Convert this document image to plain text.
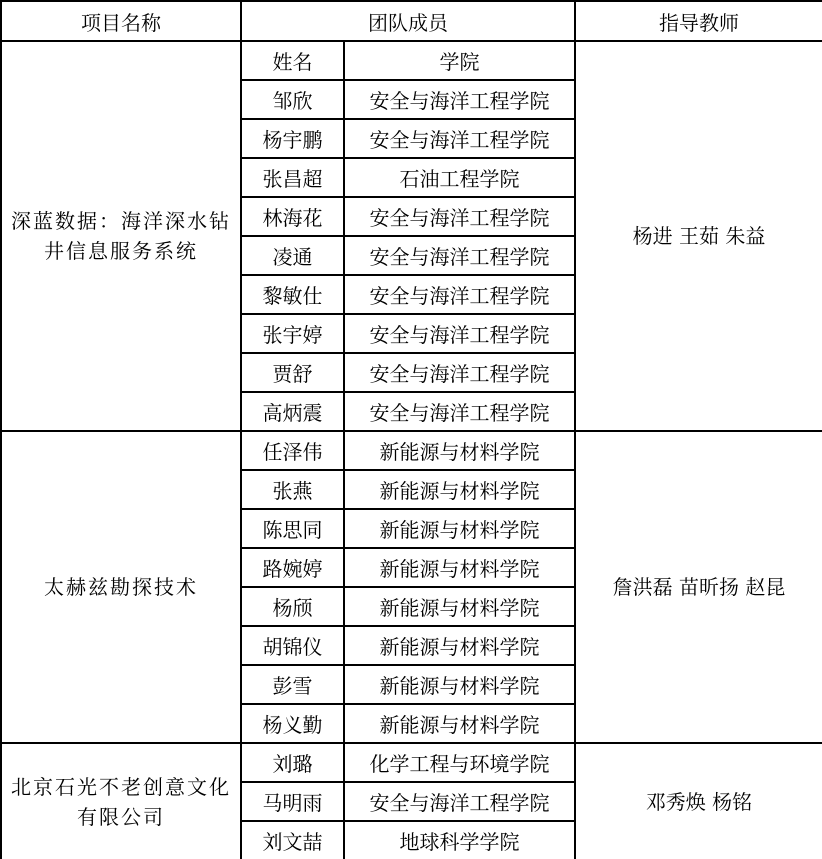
项目名称	团队成员		指导教师
深蓝数据：海洋深水钻井信息服务系统	姓名	学院	杨进 王茹 朱益
	邹欣	安全与海洋工程学院	
	杨宇鹏	安全与海洋工程学院	
	张昌超	石油工程学院	
	林海花	安全与海洋工程学院	
	凌通	安全与海洋工程学院	
	黎敏仕	安全与海洋工程学院	
	张宇婷	安全与海洋工程学院	
	贾舒	安全与海洋工程学院	
	高炳震	安全与海洋工程学院	
太赫兹勘探技术	任泽伟	新能源与材料学院	詹洪磊 苗昕扬 赵昆
	张燕	新能源与材料学院	
	陈思同	新能源与材料学院	
	路婉婷	新能源与材料学院	
	杨颀	新能源与材料学院	
	胡锦仪	新能源与材料学院	
	彭雪	新能源与材料学院	
	杨义勤	新能源与材料学院	
北京石光不老创意文化有限公司	刘璐	化学工程与环境学院	邓秀焕 杨铭
	马明雨	安全与海洋工程学院	
	刘文喆	地球科学学院	
